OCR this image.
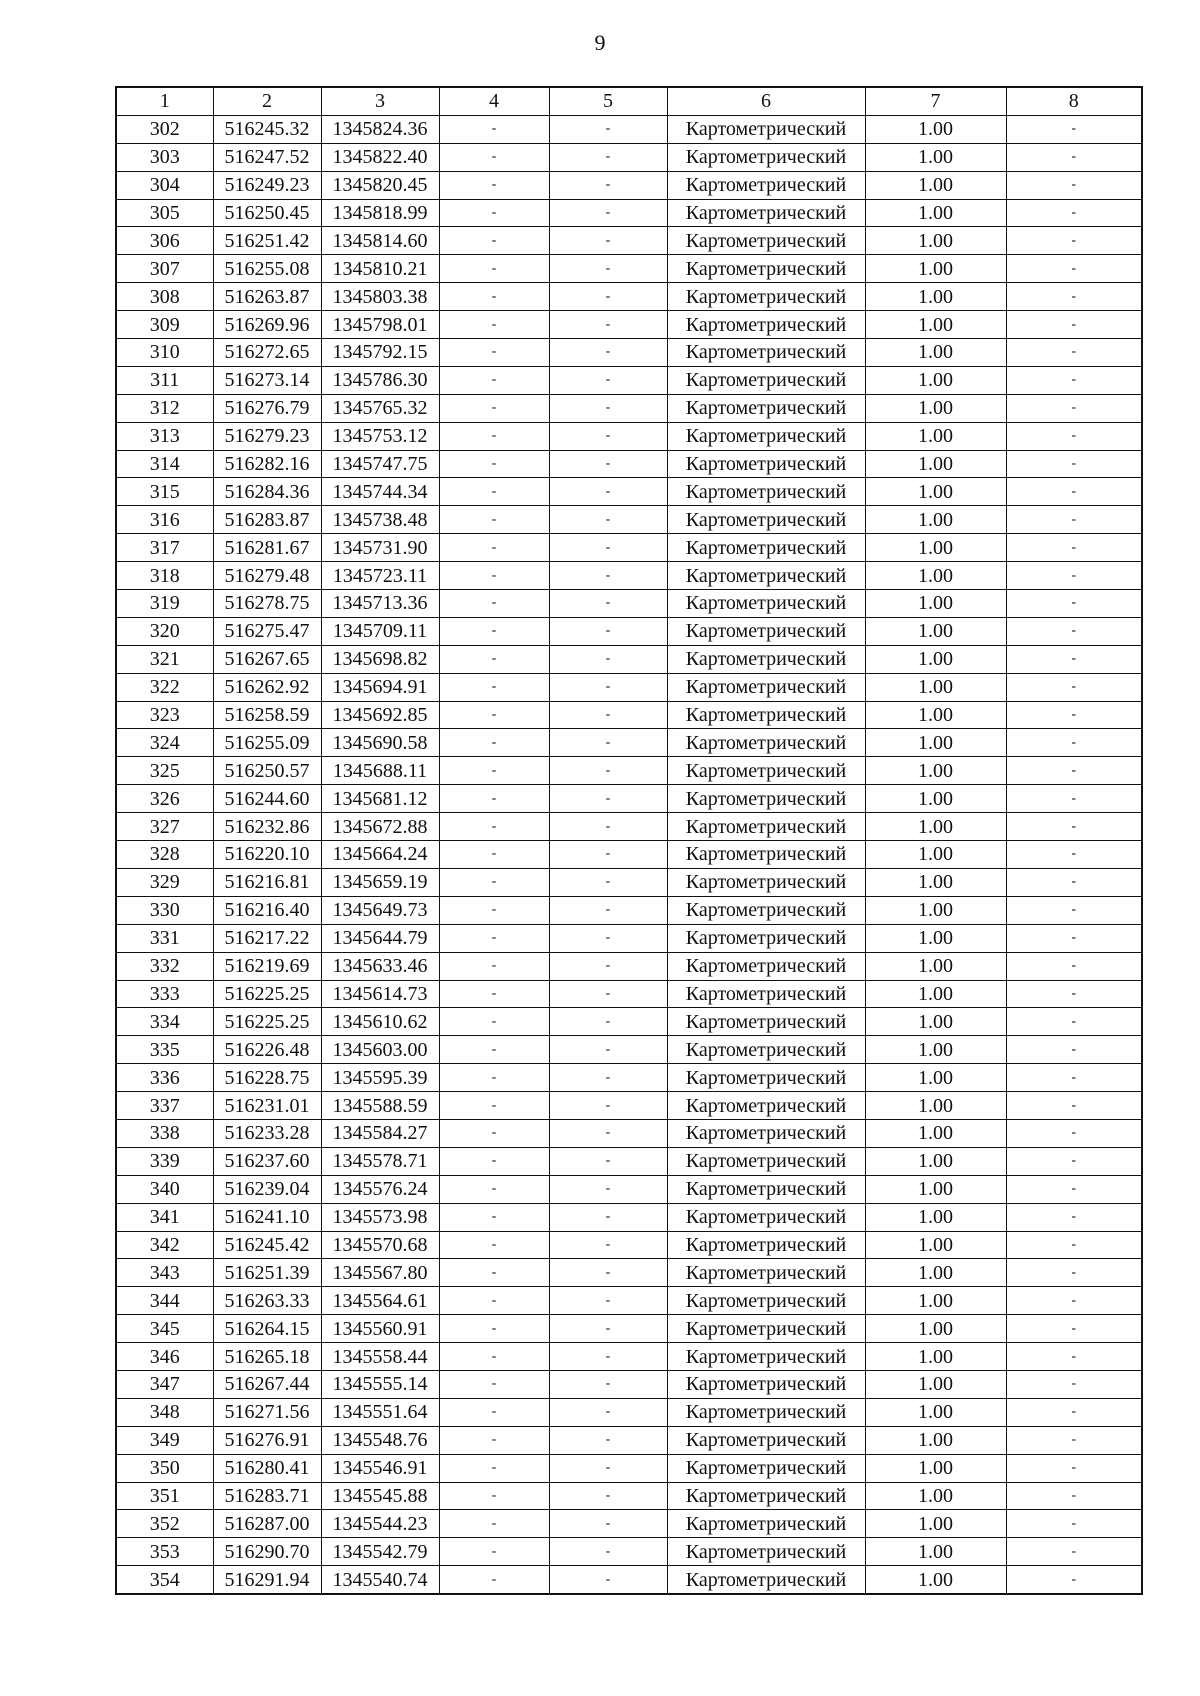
9
1	2	3	4	5	6	7	8
302	516245.32	1345824.36	-	-	Картометрический	1.00	-
303	516247.52	1345822.40	-	-	Картометрический	1.00	-
304	516249.23	1345820.45	-	-	Картометрический	1.00	-
305	516250.45	1345818.99	-	-	Картометрический	1.00	-
306	516251.42	1345814.60	-	-	Картометрический	1.00	-
307	516255.08	1345810.21	-	-	Картометрический	1.00	-
308	516263.87	1345803.38	-	-	Картометрический	1.00	-
309	516269.96	1345798.01	-	-	Картометрический	1.00	-
310	516272.65	1345792.15	-	-	Картометрический	1.00	-
311	516273.14	1345786.30	-	-	Картометрический	1.00	-
312	516276.79	1345765.32	-	-	Картометрический	1.00	-
313	516279.23	1345753.12	-	-	Картометрический	1.00	-
314	516282.16	1345747.75	-	-	Картометрический	1.00	-
315	516284.36	1345744.34	-	-	Картометрический	1.00	-
316	516283.87	1345738.48	-	-	Картометрический	1.00	-
317	516281.67	1345731.90	-	-	Картометрический	1.00	-
318	516279.48	1345723.11	-	-	Картометрический	1.00	-
319	516278.75	1345713.36	-	-	Картометрический	1.00	-
320	516275.47	1345709.11	-	-	Картометрический	1.00	-
321	516267.65	1345698.82	-	-	Картометрический	1.00	-
322	516262.92	1345694.91	-	-	Картометрический	1.00	-
323	516258.59	1345692.85	-	-	Картометрический	1.00	-
324	516255.09	1345690.58	-	-	Картометрический	1.00	-
325	516250.57	1345688.11	-	-	Картометрический	1.00	-
326	516244.60	1345681.12	-	-	Картометрический	1.00	-
327	516232.86	1345672.88	-	-	Картометрический	1.00	-
328	516220.10	1345664.24	-	-	Картометрический	1.00	-
329	516216.81	1345659.19	-	-	Картометрический	1.00	-
330	516216.40	1345649.73	-	-	Картометрический	1.00	-
331	516217.22	1345644.79	-	-	Картометрический	1.00	-
332	516219.69	1345633.46	-	-	Картометрический	1.00	-
333	516225.25	1345614.73	-	-	Картометрический	1.00	-
334	516225.25	1345610.62	-	-	Картометрический	1.00	-
335	516226.48	1345603.00	-	-	Картометрический	1.00	-
336	516228.75	1345595.39	-	-	Картометрический	1.00	-
337	516231.01	1345588.59	-	-	Картометрический	1.00	-
338	516233.28	1345584.27	-	-	Картометрический	1.00	-
339	516237.60	1345578.71	-	-	Картометрический	1.00	-
340	516239.04	1345576.24	-	-	Картометрический	1.00	-
341	516241.10	1345573.98	-	-	Картометрический	1.00	-
342	516245.42	1345570.68	-	-	Картометрический	1.00	-
343	516251.39	1345567.80	-	-	Картометрический	1.00	-
344	516263.33	1345564.61	-	-	Картометрический	1.00	-
345	516264.15	1345560.91	-	-	Картометрический	1.00	-
346	516265.18	1345558.44	-	-	Картометрический	1.00	-
347	516267.44	1345555.14	-	-	Картометрический	1.00	-
348	516271.56	1345551.64	-	-	Картометрический	1.00	-
349	516276.91	1345548.76	-	-	Картометрический	1.00	-
350	516280.41	1345546.91	-	-	Картометрический	1.00	-
351	516283.71	1345545.88	-	-	Картометрический	1.00	-
352	516287.00	1345544.23	-	-	Картометрический	1.00	-
353	516290.70	1345542.79	-	-	Картометрический	1.00	-
354	516291.94	1345540.74	-	-	Картометрический	1.00	-
